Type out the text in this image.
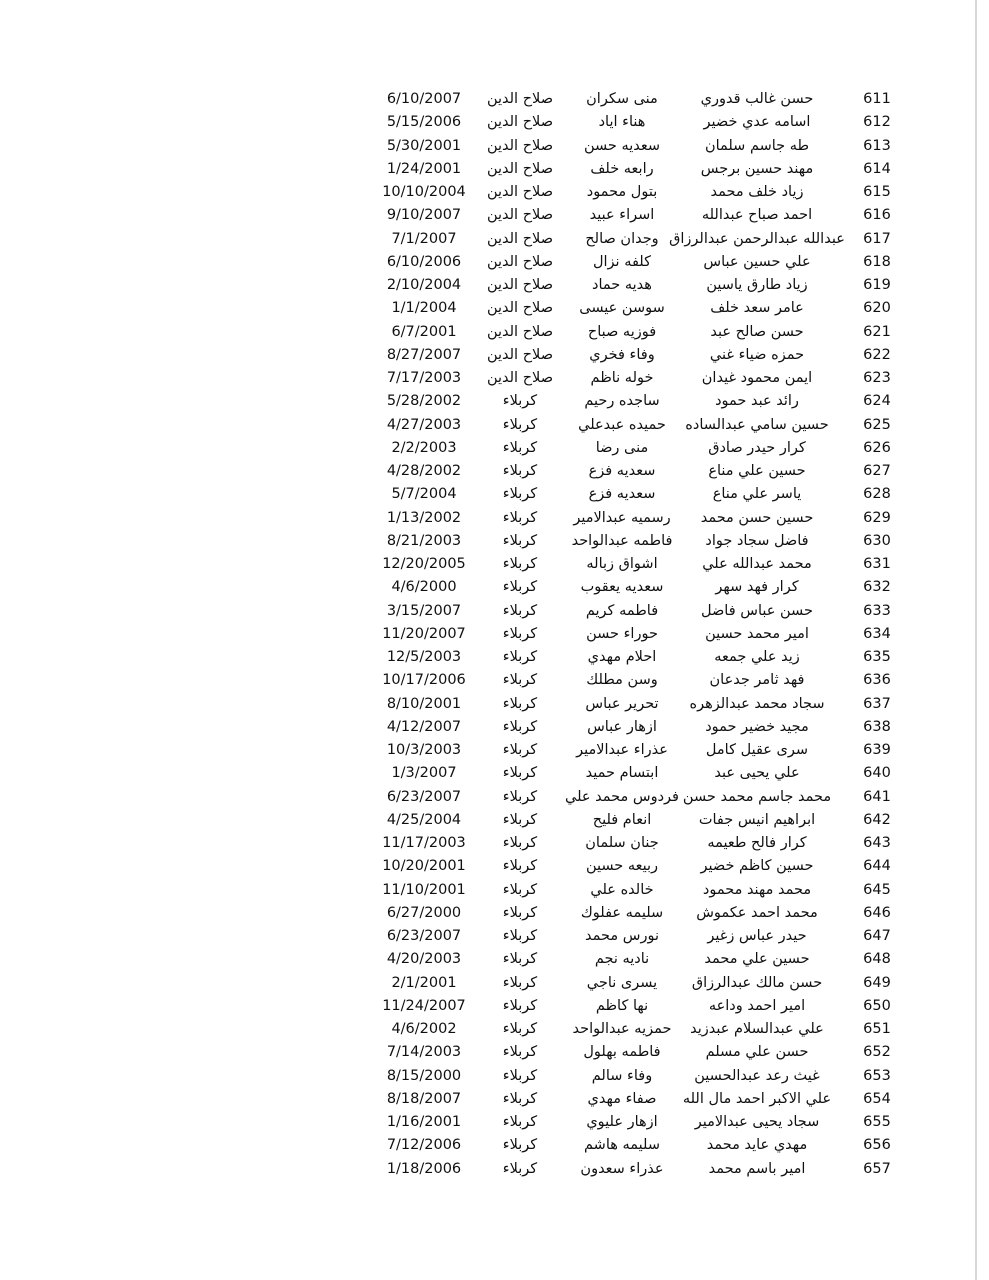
611
حسن غالب قدوري
منى سكران
صلاح الدين
6/10/2007
612
اسامه عدي خضير
هناء اياد
صلاح الدين
5/15/2006
613
طه جاسم سلمان
سعديه حسن
صلاح الدين
5/30/2001
614
مهند حسين برجس
رابعه خلف
صلاح الدين
1/24/2001
615
زياد خلف محمد
بتول محمود
صلاح الدين
10/10/2004
616
احمد صباح عبدالله
اسراء عبيد
صلاح الدين
9/10/2007
617
عبدالله عبدالرحمن عبدالرزاق
وجدان صالح
صلاح الدين
7/1/2007
618
علي حسين عباس
كلفه نزال
صلاح الدين
6/10/2006
619
زياد طارق ياسين
هديه حماد
صلاح الدين
2/10/2004
620
عامر سعد خلف
سوسن عيسى
صلاح الدين
1/1/2004
621
حسن صالح عبد
فوزيه صباح
صلاح الدين
6/7/2001
622
حمزه ضياء غني
وفاء فخري
صلاح الدين
8/27/2007
623
ايمن محمود غيدان
خوله ناظم
صلاح الدين
7/17/2003
624
رائد عبد حمود
ساجده رحيم
كربلاء
5/28/2002
625
حسين سامي عبدالساده
حميده عبدعلي
كربلاء
4/27/2003
626
كرار حيدر صادق
منى رضا
كربلاء
2/2/2003
627
حسين علي مناع
سعديه فزع
كربلاء
4/28/2002
628
ياسر علي مناع
سعديه فزع
كربلاء
5/7/2004
629
حسين حسن محمد
رسميه عبدالامير
كربلاء
1/13/2002
630
فاضل سجاد جواد
فاطمه عبدالواحد
كربلاء
8/21/2003
631
محمد عبدالله علي
اشواق زباله
كربلاء
12/20/2005
632
كرار فهد سهر
سعديه يعقوب
كربلاء
4/6/2000
633
حسن عباس فاضل
فاطمه كريم
كربلاء
3/15/2007
634
امير محمد حسين
حوراء حسن
كربلاء
11/20/2007
635
زيد علي جمعه
احلام مهدي
كربلاء
12/5/2003
636
فهد ثامر جدعان
وسن مطلك
كربلاء
10/17/2006
637
سجاد محمد عبدالزهره
تحرير عباس
كربلاء
8/10/2001
638
مجيد خضير حمود
ازهار عباس
كربلاء
4/12/2007
639
سرى عقيل كامل
عذراء عبدالامير
كربلاء
10/3/2003
640
علي يحيى عبد
ابتسام حميد
كربلاء
1/3/2007
641
محمد جاسم محمد حسن
فردوس محمد علي
كربلاء
6/23/2007
642
ابراهيم انيس جفات
انعام فليح
كربلاء
4/25/2004
643
كرار فالح طعيمه
جنان سلمان
كربلاء
11/17/2003
644
حسين كاظم خضير
ربيعه حسين
كربلاء
10/20/2001
645
محمد مهند محمود
خالده علي
كربلاء
11/10/2001
646
محمد احمد عكموش
سليمه عفلوك
كربلاء
6/27/2000
647
حيدر عباس زغير
نورس محمد
كربلاء
6/23/2007
648
حسين علي محمد
ناديه نجم
كربلاء
4/20/2003
649
حسن مالك عبدالرزاق
يسرى ناجي
كربلاء
2/1/2001
650
امير احمد وداعه
نها كاظم
كربلاء
11/24/2007
651
علي عبدالسلام عبدزيد
حمزيه عبدالواحد
كربلاء
4/6/2002
652
حسن علي مسلم
فاطمه بهلول
كربلاء
7/14/2003
653
غيث رعد عبدالحسين
وفاء سالم
كربلاء
8/15/2000
654
علي الاكبر احمد مال الله
صفاء مهدي
كربلاء
8/18/2007
655
سجاد يحيى عبدالامير
ازهار عليوي
كربلاء
1/16/2001
656
مهدي عايد محمد
سليمه هاشم
كربلاء
7/12/2006
657
امير باسم محمد
عذراء سعدون
كربلاء
1/18/2006
